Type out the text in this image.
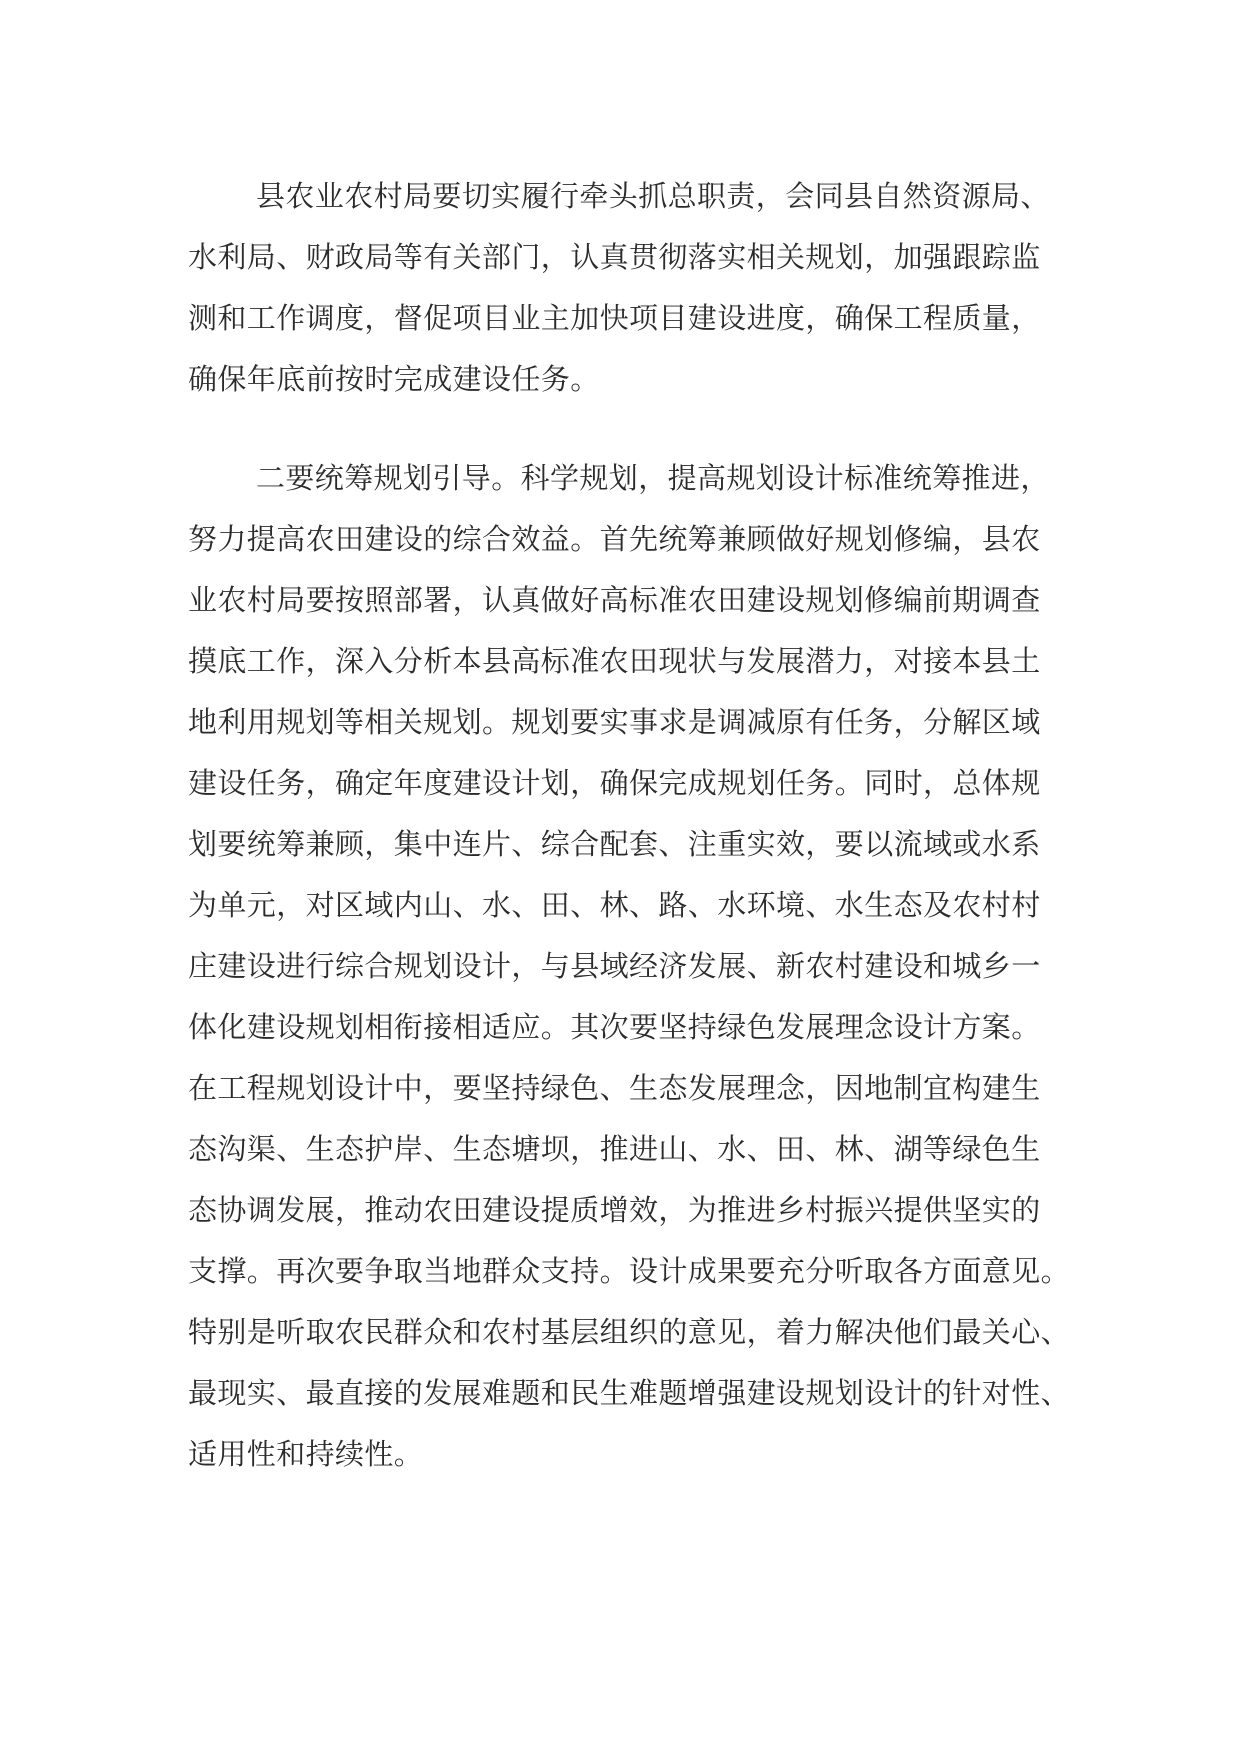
县农业农村局要切实履行牵头抓总职责，会同县自然资源局、
水利局、财政局等有关部门，认真贯彻落实相关规划，加强跟踪监
测和工作调度，督促项目业主加快项目建设进度，确保工程质量，
确保年底前按时完成建设任务。

二要统筹规划引导。科学规划，提高规划设计标准统筹推进，
努力提高农田建设的综合效益。首先统筹兼顾做好规划修编，县农
业农村局要按照部署，认真做好高标准农田建设规划修编前期调查
摸底工作，深入分析本县高标准农田现状与发展潜力，对接本县土
地利用规划等相关规划。规划要实事求是调减原有任务，分解区域
建设任务，确定年度建设计划，确保完成规划任务。同时，总体规
划要统筹兼顾，集中连片、综合配套、注重实效，要以流域或水系
为单元，对区域内山、水、田、林、路、水环境、水生态及农村村
庄建设进行综合规划设计，与县域经济发展、新农村建设和城乡一
体化建设规划相衔接相适应。其次要坚持绿色发展理念设计方案。
在工程规划设计中，要坚持绿色、生态发展理念，因地制宜构建生
态沟渠、生态护岸、生态塘坝，推进山、水、田、林、湖等绿色生
态协调发展，推动农田建设提质增效，为推进乡村振兴提供坚实的
支撑。再次要争取当地群众支持。设计成果要充分听取各方面意见。
特别是听取农民群众和农村基层组织的意见，着力解决他们最关心、
最现实、最直接的发展难题和民生难题增强建设规划设计的针对性、
适用性和持续性。
